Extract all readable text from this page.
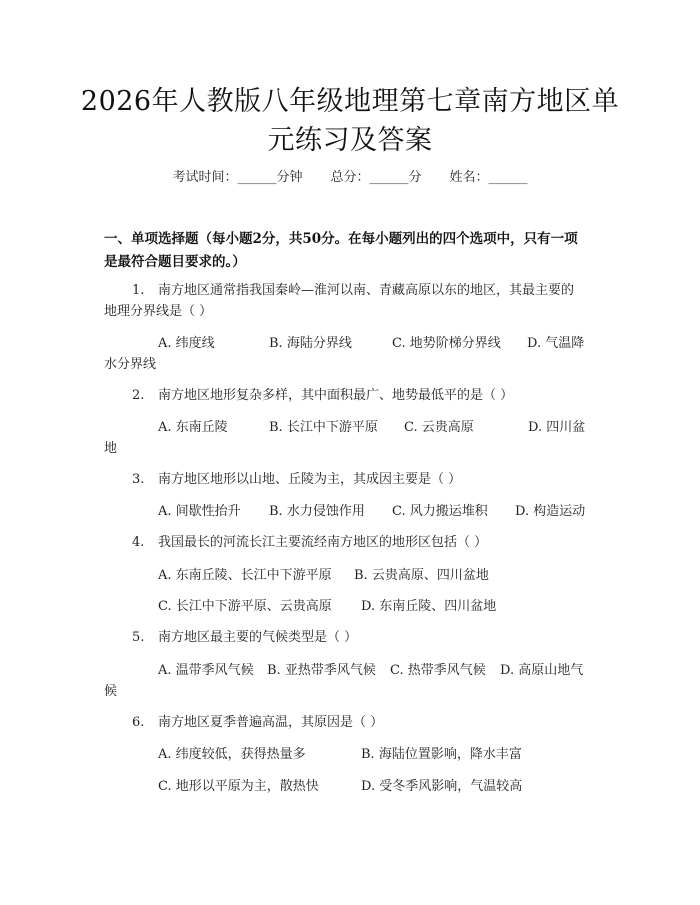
2026年人教版八年级地理第七章南方地区单
元练习及答案
考试时间：______分钟 总分：______分 姓名：______
一、单项选择题（每小题2分，共50分。在每小题列出的四个选项中，只有一项
是最符合题目要求的。）
1. 南方地区通常指我国秦岭—淮河以南、青藏高原以东的地区，其最主要的
地理分界线是（ ）
A. 纬度线	B. 海陆分界线	C. 地势阶梯分界线 D. 气温降
水分界线
2. 南方地区地形复杂多样，其中面积最广、地势最低平的是（ ）
A. 东南丘陵	B. 长江中下游平原 C. 云贵高原	D. 四川盆
地
3. 南方地区地形以山地、丘陵为主，其成因主要是（ ）
A. 间歇性抬升 B. 水力侵蚀作用 C. 风力搬运堆积 D. 构造运动
4. 我国最长的河流长江主要流经南方地区的地形区包括（ ）
A. 东南丘陵、长江中下游平原 B. 云贵高原、四川盆地
C. 长江中下游平原、云贵高原 D. 东南丘陵、四川盆地
5. 南方地区最主要的气候类型是（ ）
A. 温带季风气候 B. 亚热带季风气候 C. 热带季风气候 D. 高原山地气
候
6. 南方地区夏季普遍高温，其原因是（ ）
A. 纬度较低，获得热量多	B. 海陆位置影响，降水丰富
C. 地形以平原为主，散热快	D. 受冬季风影响，气温较高
